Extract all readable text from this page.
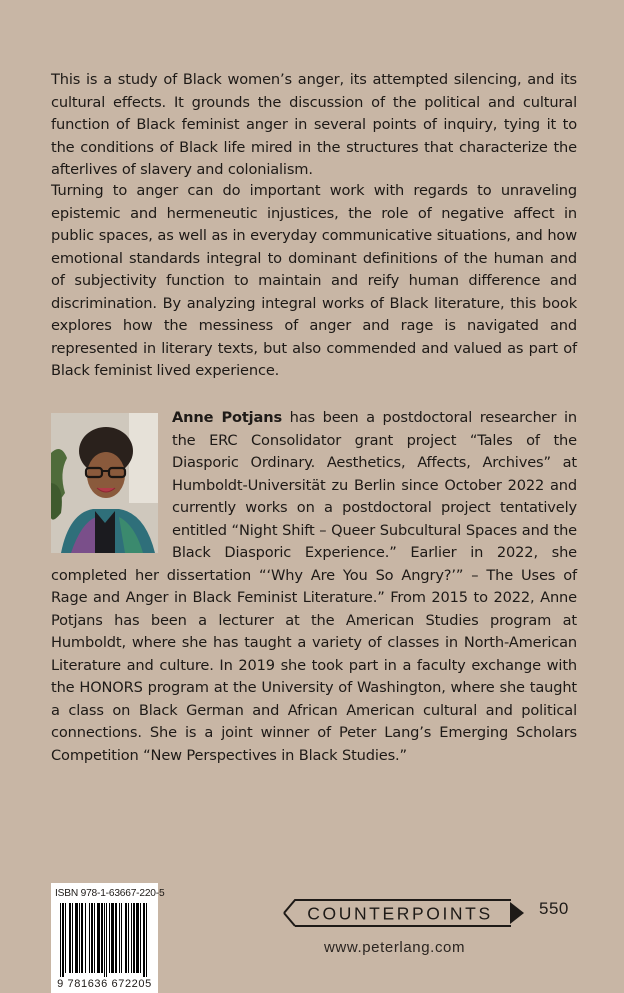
This is a study of Black women’s anger, its attempted silencing, and its cultural effects. It grounds the discussion of the political and cultural function of Black feminist anger in several points of inquiry, tying it to the conditions of Black life mired in the structures that characterize the afterlives of slavery and colonialism.

Turning to anger can do important work with regards to unraveling epistemic and hermeneutic injustices, the role of negative affect in public spaces, as well as in everyday communicative situations, and how emotional standards integral to dominant definitions of the human and of subjectivity function to maintain and reify human difference and discrimination. By analyzing integral works of Black literature, this book explores how the messiness of anger and rage is navigated and represented in literary texts, but also commended and valued as part of Black feminist lived experience.

Anne Potjans has been a postdoctoral researcher in the ERC Consolidator grant project “Tales of the Diasporic Ordinary. Aesthetics, Affects, Archives” at Humboldt-Universität zu Berlin since October 2022 and currently works on a postdoctoral project tentatively entitled “Night Shift – Queer Subcultural Spaces and the Black Diasporic Experience.” Earlier in 2022, she completed her dissertation “‘Why Are You So Angry?’” – The Uses of Rage and Anger in Black Feminist Literature.” From 2015 to 2022, Anne Potjans has been a lecturer at the American Studies program at Humboldt, where she has taught a variety of classes in North-American Literature and culture. In 2019 she took part in a faculty exchange with the HONORS program at the University of Washington, where she taught a class on Black German and African American cultural and political connections. She is a joint winner of Peter Lang’s Emerging Scholars Competition “New Perspectives in Black Studies.”

ISBN 978-1-63667-220-5
9 781636 672205
COUNTERPOINTS	550
www.peterlang.com
